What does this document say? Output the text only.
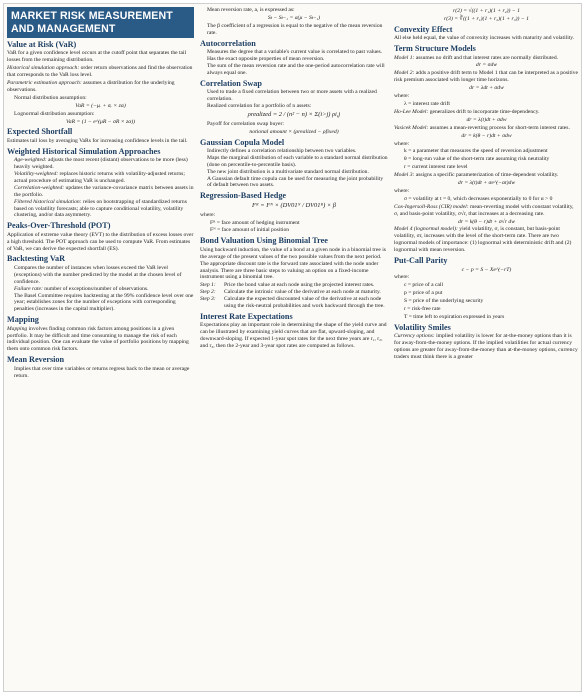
MARKET RISK MEASUREMENT AND MANAGEMENT
Value at Risk (VaR)

VaR for a given confidence level occurs at the cutoff point that separates the tail losses from the remaining distribution.

Historical simulation approach: order return observations and find the observation that corresponds to the VaR loss level.

Parametric estimation approach: assumes a distribution for the underlying observations.

• Normal distribution assumption:
VaR = (−μᵣ + σᵣ × zα)
• Lognormal distribution assumption:
VaR = (1 − e^(μR − σR × zα))
Expected Shortfall

Estimates tail loss by averaging VaRs for increasing confidence levels in the tail.

Weighted Historical Simulation Approaches
• Age-weighted: adjusts the most recent (distant) observations to be more (less) heavily weighted.
• Volatility-weighted: replaces historic returns with volatility-adjusted returns; actual procedure of estimating VaR is unchanged.
• Correlation-weighted: updates the variance-covariance matrix between assets in the portfolio.
• Filtered historical simulation: relies on bootstrapping of standardized returns based on volatility forecasts; able to capture conditional volatility, volatility clustering, and/or data asymmetry.
Peaks-Over-Threshold (POT)

Application of extreme value theory (EVT) to the distribution of excess losses over a high threshold. The POT approach can be used to compute VaR. From estimates of VaR, we can derive the expected shortfall (ES).

Backtesting VaR
• Compares the number of instances when losses exceed the VaR level (exceptions) with the number predicted by the model at the chosen level of confidence.
• Failure rate: number of exceptions/number of observations.
• The Basel Committee requires backtesting at the 99% confidence level over one year; establishes zones for the number of exceptions with corresponding penalties (increases in the capital multiplier).
Mapping

Mapping involves finding common risk factors among positions in a given portfolio. It may be difficult and time consuming to manage the risk of each individual position. One can evaluate the value of portfolio positions by mapping them onto common risk factors.

Mean Reversion
• Implies that over time variables or returns regress back to the mean or average return.
• Mean reversion rate, a, is expressed as:
Sₜ − Sₜ₋₁ = a(μ − Sₜ₋₁)
• The β coefficient of a regression is equal to the negative of the mean reversion rate.
Autocorrelation
• Measures the degree that a variable's current value is correlated to past values.
• Has the exact opposite properties of mean reversion.
• The sum of the mean reversion rate and the one-period autocorrelation rate will always equal one.
Correlation Swap
• Used to trade a fixed correlation between two or more assets with a realized correlation.
• Realized correlation for a portfolio of n assets:
ρrealized = 2 / (n² − n) × Σ(i>j) ρi,j
• Payoff for correlation swap buyer:
notional amount × (ρrealized − ρfixed)
Gaussian Copula Model
• Indirectly defines a correlation relationship between two variables.
• Maps the marginal distribution of each variable to a standard normal distribution (done on percentile-to-percentile basis).
• The new joint distribution is a multivariate standard normal distribution.
• A Gaussian default time copula can be used for measuring the joint probability of default between two assets.
Regression-Based Hedge
Fᴿ = Fᴺ × (DV01ᴺ / DV01ᴿ) × β

where:

Fᴿ = face amount of hedging instrument

Fᴺ = face amount of initial position

Bond Valuation Using Binomial Tree

Using backward induction, the value of a bond at a given node in a binomial tree is the average of the present values of the two possible values from the next period. The appropriate discount rate is the forward rate associated with the node under analysis. There are three basic steps to valuing an option on a fixed-income instrument using a binomial tree.

Step 1:	Price the bond value at each node using the projected interest rates.
Step 2:	Calculate the intrinsic value of the derivative at each node at maturity.
Step 3:	Calculate the expected discounted value of the derivative at each node using the risk-neutral probabilities and work backward through the tree.
Interest Rate Expectations

Expectations play an important role in determining the shape of the yield curve and can be illustrated by examining yield curves that are flat, upward-sloping, and downward-sloping. If expected 1-year spot rates for the next three years are r₁, r₂, and r₃, then the 2-year and 3-year spot rates are computed as follows.

r(2) = √((1 + r₁)(1 + r₂)) − 1
r(3) = ∛((1 + r₁)(1 + r₂)(1 + r₃)) − 1
Convexity Effect

All else held equal, the value of convexity increases with maturity and volatility.

Term Structure Models

Model 1: assumes no drift and that interest rates are normally distributed.

dr = σdw

Model 2: adds a positive drift term to Model 1 that can be interpreted as a positive risk premium associated with longer time horizons.

dr = λdt + σdw

where:

λ = interest rate drift

Ho-Lee Model: generalizes drift to incorporate time-dependency.

dr = λ(t)dt + σdw

Vasicek Model: assumes a mean-reverting process for short-term interest rates.

dr = k(θ − r)dt + σdw

where:

k = a parameter that measures the speed of reversion adjustment

θ = long-run value of the short-term rate assuming risk neutrality

r = current interest rate level

Model 3: assigns a specific parameterization of time-dependent volatility.

dr = λ(t)dt + σe^(−αt)dw

where:

σ = volatility at t = 0, which decreases exponentially to 0 for α > 0

Cox-Ingersoll-Ross (CIR) model: mean-reverting model with constant volatility, σ, and basis-point volatility, σ√r, that increases at a decreasing rate.

dr = k(θ − r)dt + σ√r dw

Model 4 (lognormal model): yield volatility, σ, is constant, but basis-point volatility, σr, increases with the level of the short-term rate. There are two lognormal models of importance: (1) lognormal with deterministic drift and (2) lognormal with mean reversion.

Put-Call Parity
c − p = S − Xe^(−rT)

where:

c = price of a call

p = price of a put

S = price of the underlying security

r = risk-free rate

T = time left to expiration expressed in years

Volatility Smiles

Currency options: implied volatility is lower for at-the-money options than it is for away-from-the-money options. If the implied volatilities for actual currency options are greater for away-from-the-money than at-the-money options, currency traders must think there is a greater
